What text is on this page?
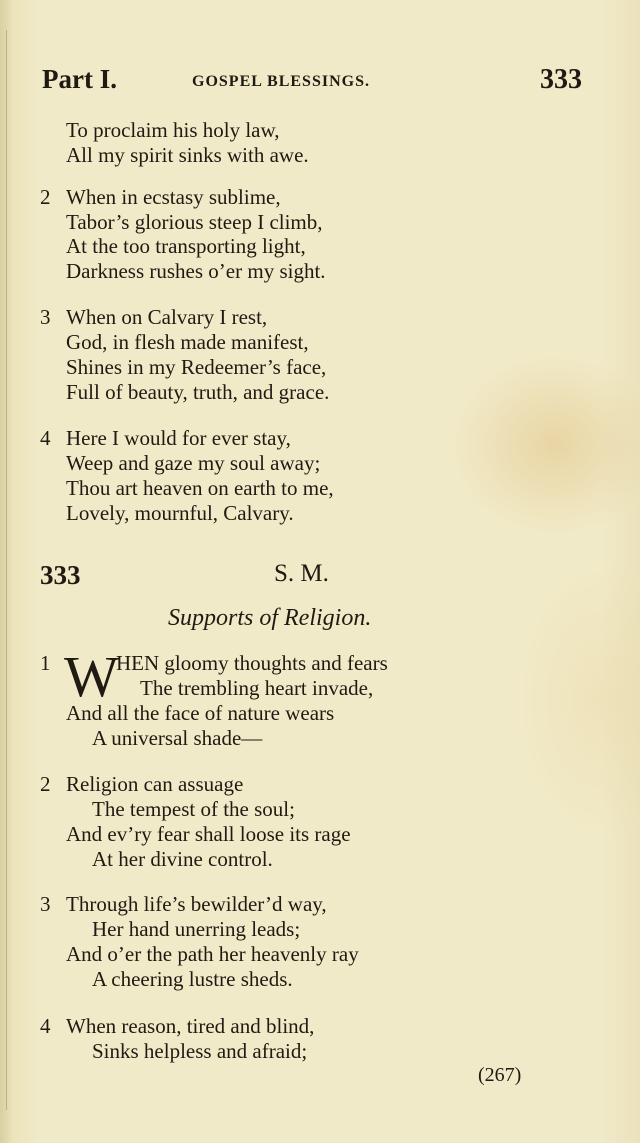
Part I.	GOSPEL BLESSINGS.	333
To proclaim his holy law,
All my spirit sinks with awe.
2 When in ecstasy sublime,
Tabor’s glorious steep I climb,
At the too transporting light,
Darkness rushes o’er my sight.
3 When on Calvary I rest,
God, in flesh made manifest,
Shines in my Redeemer’s face,
Full of beauty, truth, and grace.
4 Here I would for ever stay,
Weep and gaze my soul away;
Thou art heaven on earth to me,
Lovely, mournful, Calvary.
333	S. M.
Supports of Religion.
1 W
HEN gloomy thoughts and fears
The trembling heart invade,
And all the face of nature wears
A universal shade—
2 Religion can assuage
The tempest of the soul;
And ev’ry fear shall loose its rage
At her divine control.
3 Through life’s bewilder’d way,
Her hand unerring leads;
And o’er the path her heavenly ray
A cheering lustre sheds.
4 When reason, tired and blind,
Sinks helpless and afraid;
(267)
